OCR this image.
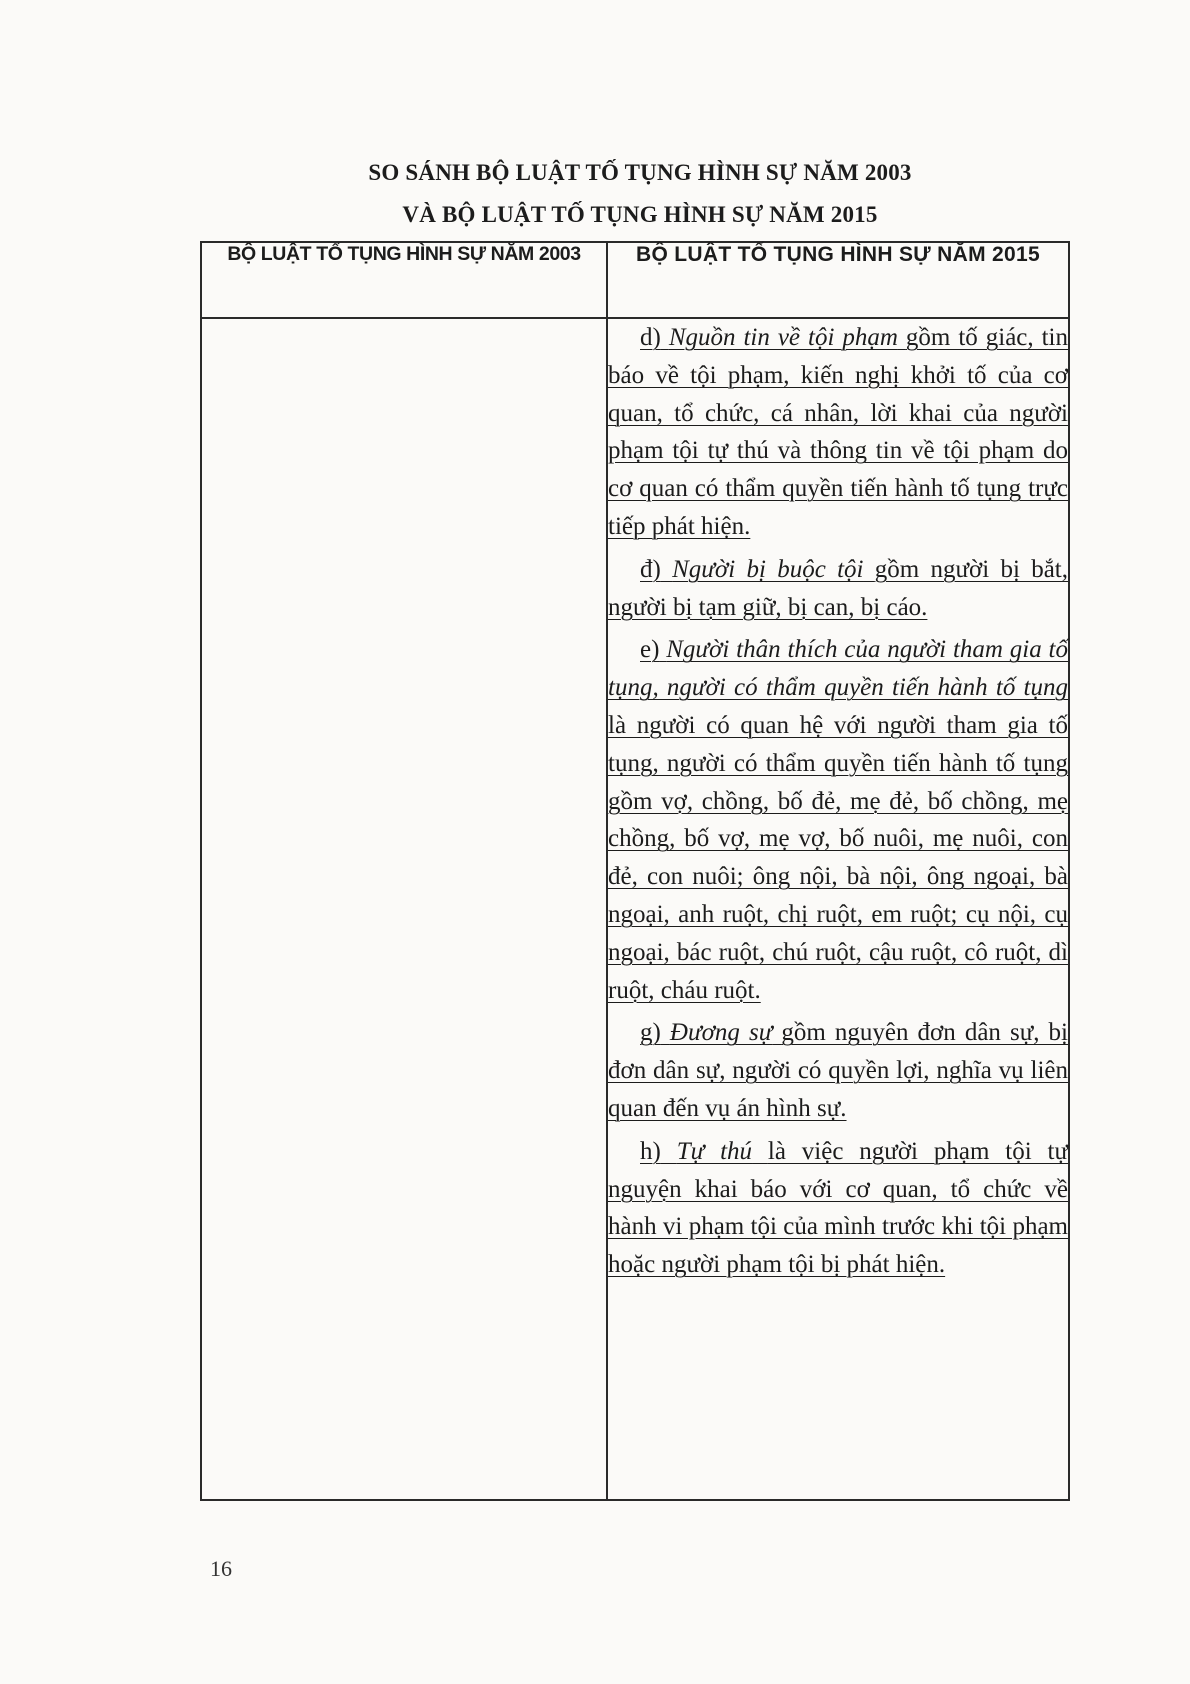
SO SÁNH BỘ LUẬT TỐ TỤNG HÌNH SỰ NĂM 2003
VÀ BỘ LUẬT TỐ TỤNG HÌNH SỰ NĂM 2015
BỘ LUẬT TỐ TỤNG HÌNH SỰ NĂM 2003	BỘ LUẬT TỐ TỤNG HÌNH SỰ NĂM 2015

	d) Nguồn tin về tội phạm gồm tố giác, tin báo về tội phạm, kiến nghị khởi tố của cơ quan, tổ chức, cá nhân, lời khai của người phạm tội tự thú và thông tin về tội phạm do cơ quan có thẩm quyền tiến hành tố tụng trực tiếp phát hiện.

đ) Người bị buộc tội gồm người bị bắt, người bị tạm giữ, bị can, bị cáo.

e) Người thân thích của người tham gia tố tụng, người có thẩm quyền tiến hành tố tụng là người có quan hệ với người tham gia tố tụng, người có thẩm quyền tiến hành tố tụng gồm vợ, chồng, bố đẻ, mẹ đẻ, bố chồng, mẹ chồng, bố vợ, mẹ vợ, bố nuôi, mẹ nuôi, con đẻ, con nuôi; ông nội, bà nội, ông ngoại, bà ngoại, anh ruột, chị ruột, em ruột; cụ nội, cụ ngoại, bác ruột, chú ruột, cậu ruột, cô ruột, dì ruột, cháu ruột.

g) Đương sự gồm nguyên đơn dân sự, bị đơn dân sự, người có quyền lợi, nghĩa vụ liên quan đến vụ án hình sự.

h) Tự thú là việc người phạm tội tự nguyện khai báo với cơ quan, tổ chức về hành vi phạm tội của mình trước khi tội phạm hoặc người phạm tội bị phát hiện.

16
